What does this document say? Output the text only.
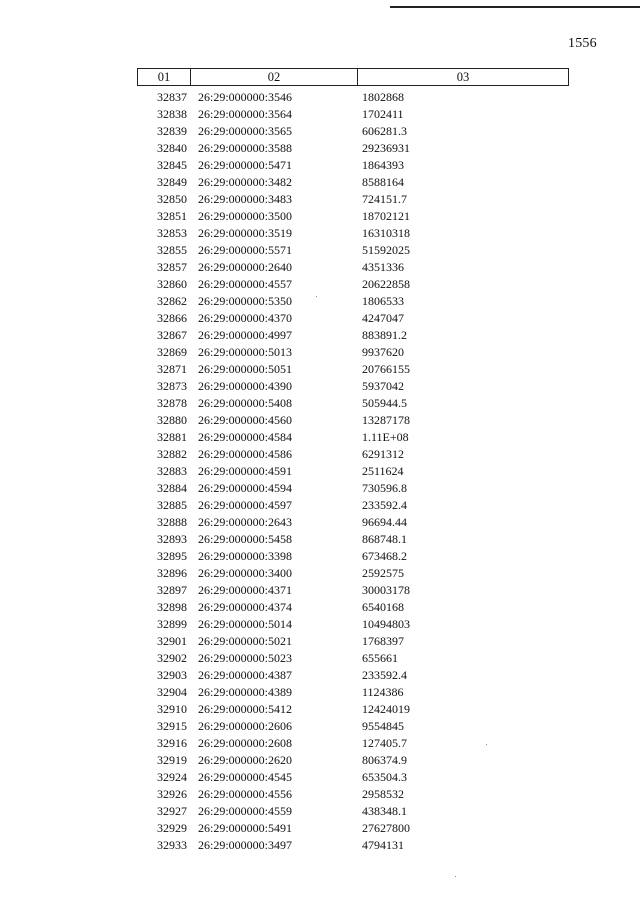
1556
01	02	03
32837 26:29:000000:3546	1802868
32838 26:29:000000:3564	1702411
32839 26:29:000000:3565	606281.3
32840 26:29:000000:3588	29236931
32845 26:29:000000:5471	1864393
32849 26:29:000000:3482	8588164
32850 26:29:000000:3483	724151.7
32851 26:29:000000:3500	18702121
32853 26:29:000000:3519	16310318
32855 26:29:000000:5571	51592025
32857 26:29:000000:2640	4351336
32860 26:29:000000:4557	20622858
32862 26:29:000000:5350	1806533
32866 26:29:000000:4370	4247047
32867 26:29:000000:4997	883891.2
32869 26:29:000000:5013	9937620
32871 26:29:000000:5051	20766155
32873 26:29:000000:4390	5937042
32878 26:29:000000:5408	505944.5
32880 26:29:000000:4560	13287178
32881 26:29:000000:4584	1.11E+08
32882 26:29:000000:4586	6291312
32883 26:29:000000:4591	2511624
32884 26:29:000000:4594	730596.8
32885 26:29:000000:4597	233592.4
32888 26:29:000000:2643	96694.44
32893 26:29:000000:5458	868748.1
32895 26:29:000000:3398	673468.2
32896 26:29:000000:3400	2592575
32897 26:29:000000:4371	30003178
32898 26:29:000000:4374	6540168
32899 26:29:000000:5014	10494803
32901 26:29:000000:5021	1768397
32902 26:29:000000:5023	655661
32903 26:29:000000:4387	233592.4
32904 26:29:000000:4389	1124386
32910 26:29:000000:5412	12424019
32915 26:29:000000:2606	9554845
32916 26:29:000000:2608	127405.7
32919 26:29:000000:2620	806374.9
32924 26:29:000000:4545	653504.3
32926 26:29:000000:4556	2958532
32927 26:29:000000:4559	438348.1
32929 26:29:000000:5491	27627800
32933 26:29:000000:3497	4794131
